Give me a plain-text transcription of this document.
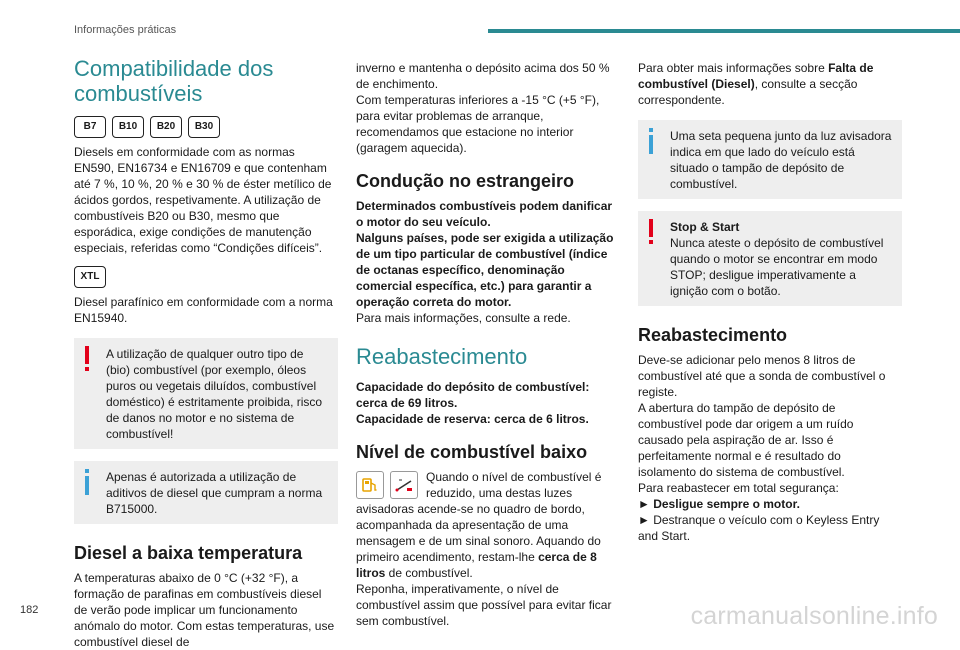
Informações práticas
Compatibilidade dos combustíveis
B7	B10	B20	B30

Diesels em conformidade com as normas EN590, EN16734 e EN16709 e que contenham até 7 %, 10 %, 20 % e 30 % de éster metílico de ácidos gordos, respetivamente. A utilização de combustíveis B20 ou B30, mesmo que esporádica, exige condições de manutenção especiais, referidas como “Condições difíceis”.

XTL

Diesel parafínico em conformidade com a norma EN15940.

A utilização de qualquer outro tipo de (bio) combustível (por exemplo, óleos puros ou vegetais diluídos, combustível doméstico) é estritamente proibida, risco de danos no motor e no sistema de combustível!

Apenas é autorizada a utilização de aditivos de diesel que cumpram a norma B715000.

Diesel a baixa temperatura

A temperaturas abaixo de 0 °C (+32 °F), a formação de parafinas em combustíveis diesel de verão pode implicar um funcionamento anómalo do motor. Com estas temperaturas, use combustível diesel de

inverno e mantenha o depósito acima dos 50 % de enchimento.
Com temperaturas inferiores a -15 °C (+5 °F), para evitar problemas de arranque, recomendamos que estacione no interior (garagem aquecida).

Condução no estrangeiro

Determinados combustíveis podem danificar o motor do seu veículo.
Nalguns países, pode ser exigida a utilização de um tipo particular de combustível (índice de octanas específico, denominação comercial específica, etc.) para garantir a operação correta do motor.

Para mais informações, consulte a rede.

Reabastecimento

Capacidade do depósito de combustível: cerca de 69 litros.
Capacidade de reserva: cerca de 6 litros.

Nível de combustível baixo

Quando o nível de combustível é reduzido, uma destas luzes avisadoras acende-se no quadro de bordo, acompanhada da apresentação de uma mensagem e de um sinal sonoro. Aquando do primeiro acendimento, restam-lhe cerca de 8 litros de combustível.
Reponha, imperativamente, o nível de combustível assim que possível para evitar ficar sem combustível.

Para obter mais informações sobre Falta de combustível (Diesel), consulte a secção correspondente.

Uma seta pequena junto da luz avisadora indica em que lado do veículo está situado o tampão de depósito de combustível.

Stop & Start

Nunca ateste o depósito de combustível quando o motor se encontrar em modo STOP; desligue imperativamente a ignição com o botão.

Reabastecimento

Deve-se adicionar pelo menos 8 litros de combustível até que a sonda de combustível o registe.
A abertura do tampão de depósito de combustível pode dar origem a um ruído causado pela aspiração de ar. Isso é perfeitamente normal e é resultado do isolamento do sistema de combustível.
Para reabastecer em total segurança:

► Desligue sempre o motor.

► Destranque o veículo com o Keyless Entry and Start.

182	carmanualsonline.info
